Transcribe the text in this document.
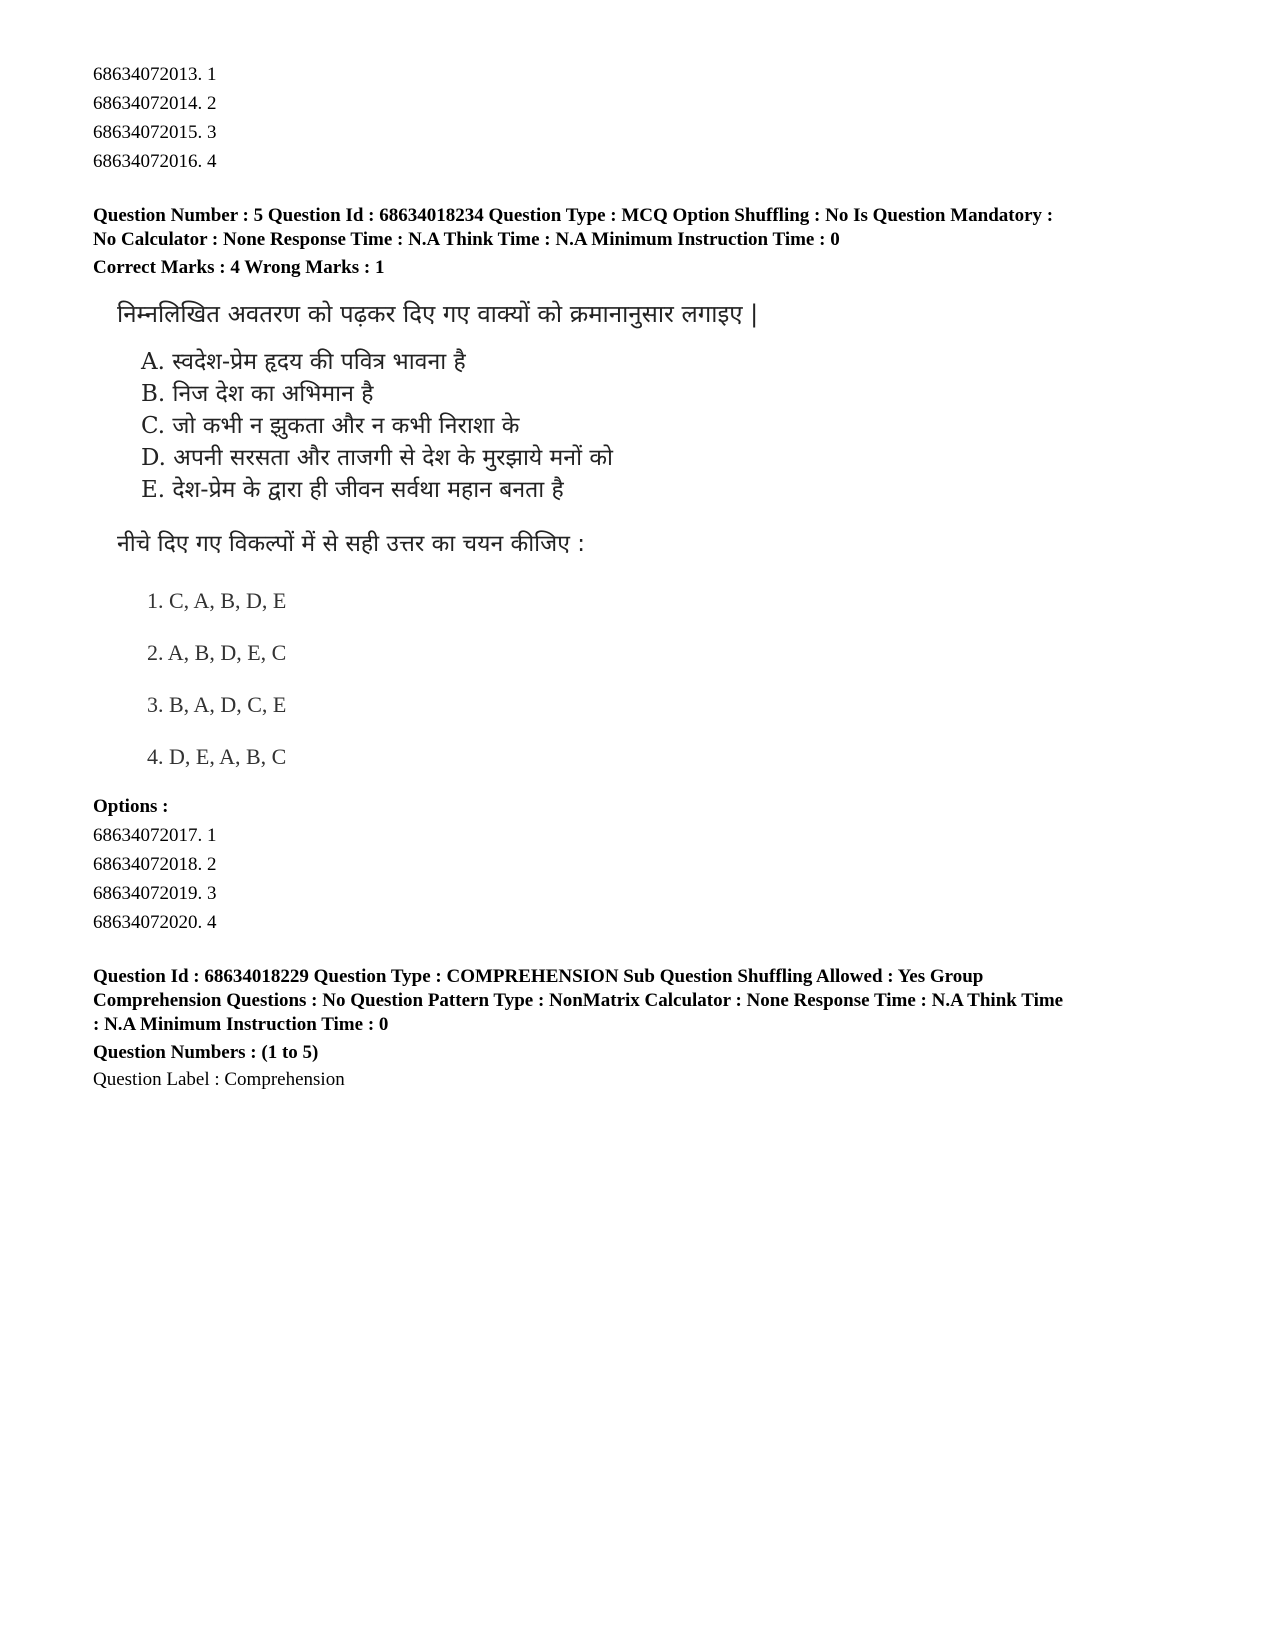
68634072013. 1
68634072014. 2
68634072015. 3
68634072016. 4
Question Number : 5 Question Id : 68634018234 Question Type : MCQ Option Shuffling : No Is Question Mandatory :
No Calculator : None Response Time : N.A Think Time : N.A Minimum Instruction Time : 0
Correct Marks : 4 Wrong Marks : 1
निम्नलिखित अवतरण को पढ़कर दिए गए वाक्यों को क्रमानानुसार लगाइए |
A. स्वदेश-प्रेम हृदय की पवित्र भावना है
B. निज देश का अभिमान है
C. जो कभी न झुकता और न कभी निराशा के
D. अपनी सरसता और ताजगी से देश के मुरझाये मनों को
E. देश-प्रेम के द्वारा ही जीवन सर्वथा महान बनता है
नीचे दिए गए विकल्पों में से सही उत्तर का चयन कीजिए :
1. C, A, B, D, E
2. A, B, D, E, C
3. B, A, D, C, E
4. D, E, A, B, C
Options :
68634072017. 1
68634072018. 2
68634072019. 3
68634072020. 4
Question Id : 68634018229 Question Type : COMPREHENSION Sub Question Shuffling Allowed : Yes Group
Comprehension Questions : No Question Pattern Type : NonMatrix Calculator : None Response Time : N.A Think Time
: N.A Minimum Instruction Time : 0
Question Numbers : (1 to 5)
Question Label : Comprehension
